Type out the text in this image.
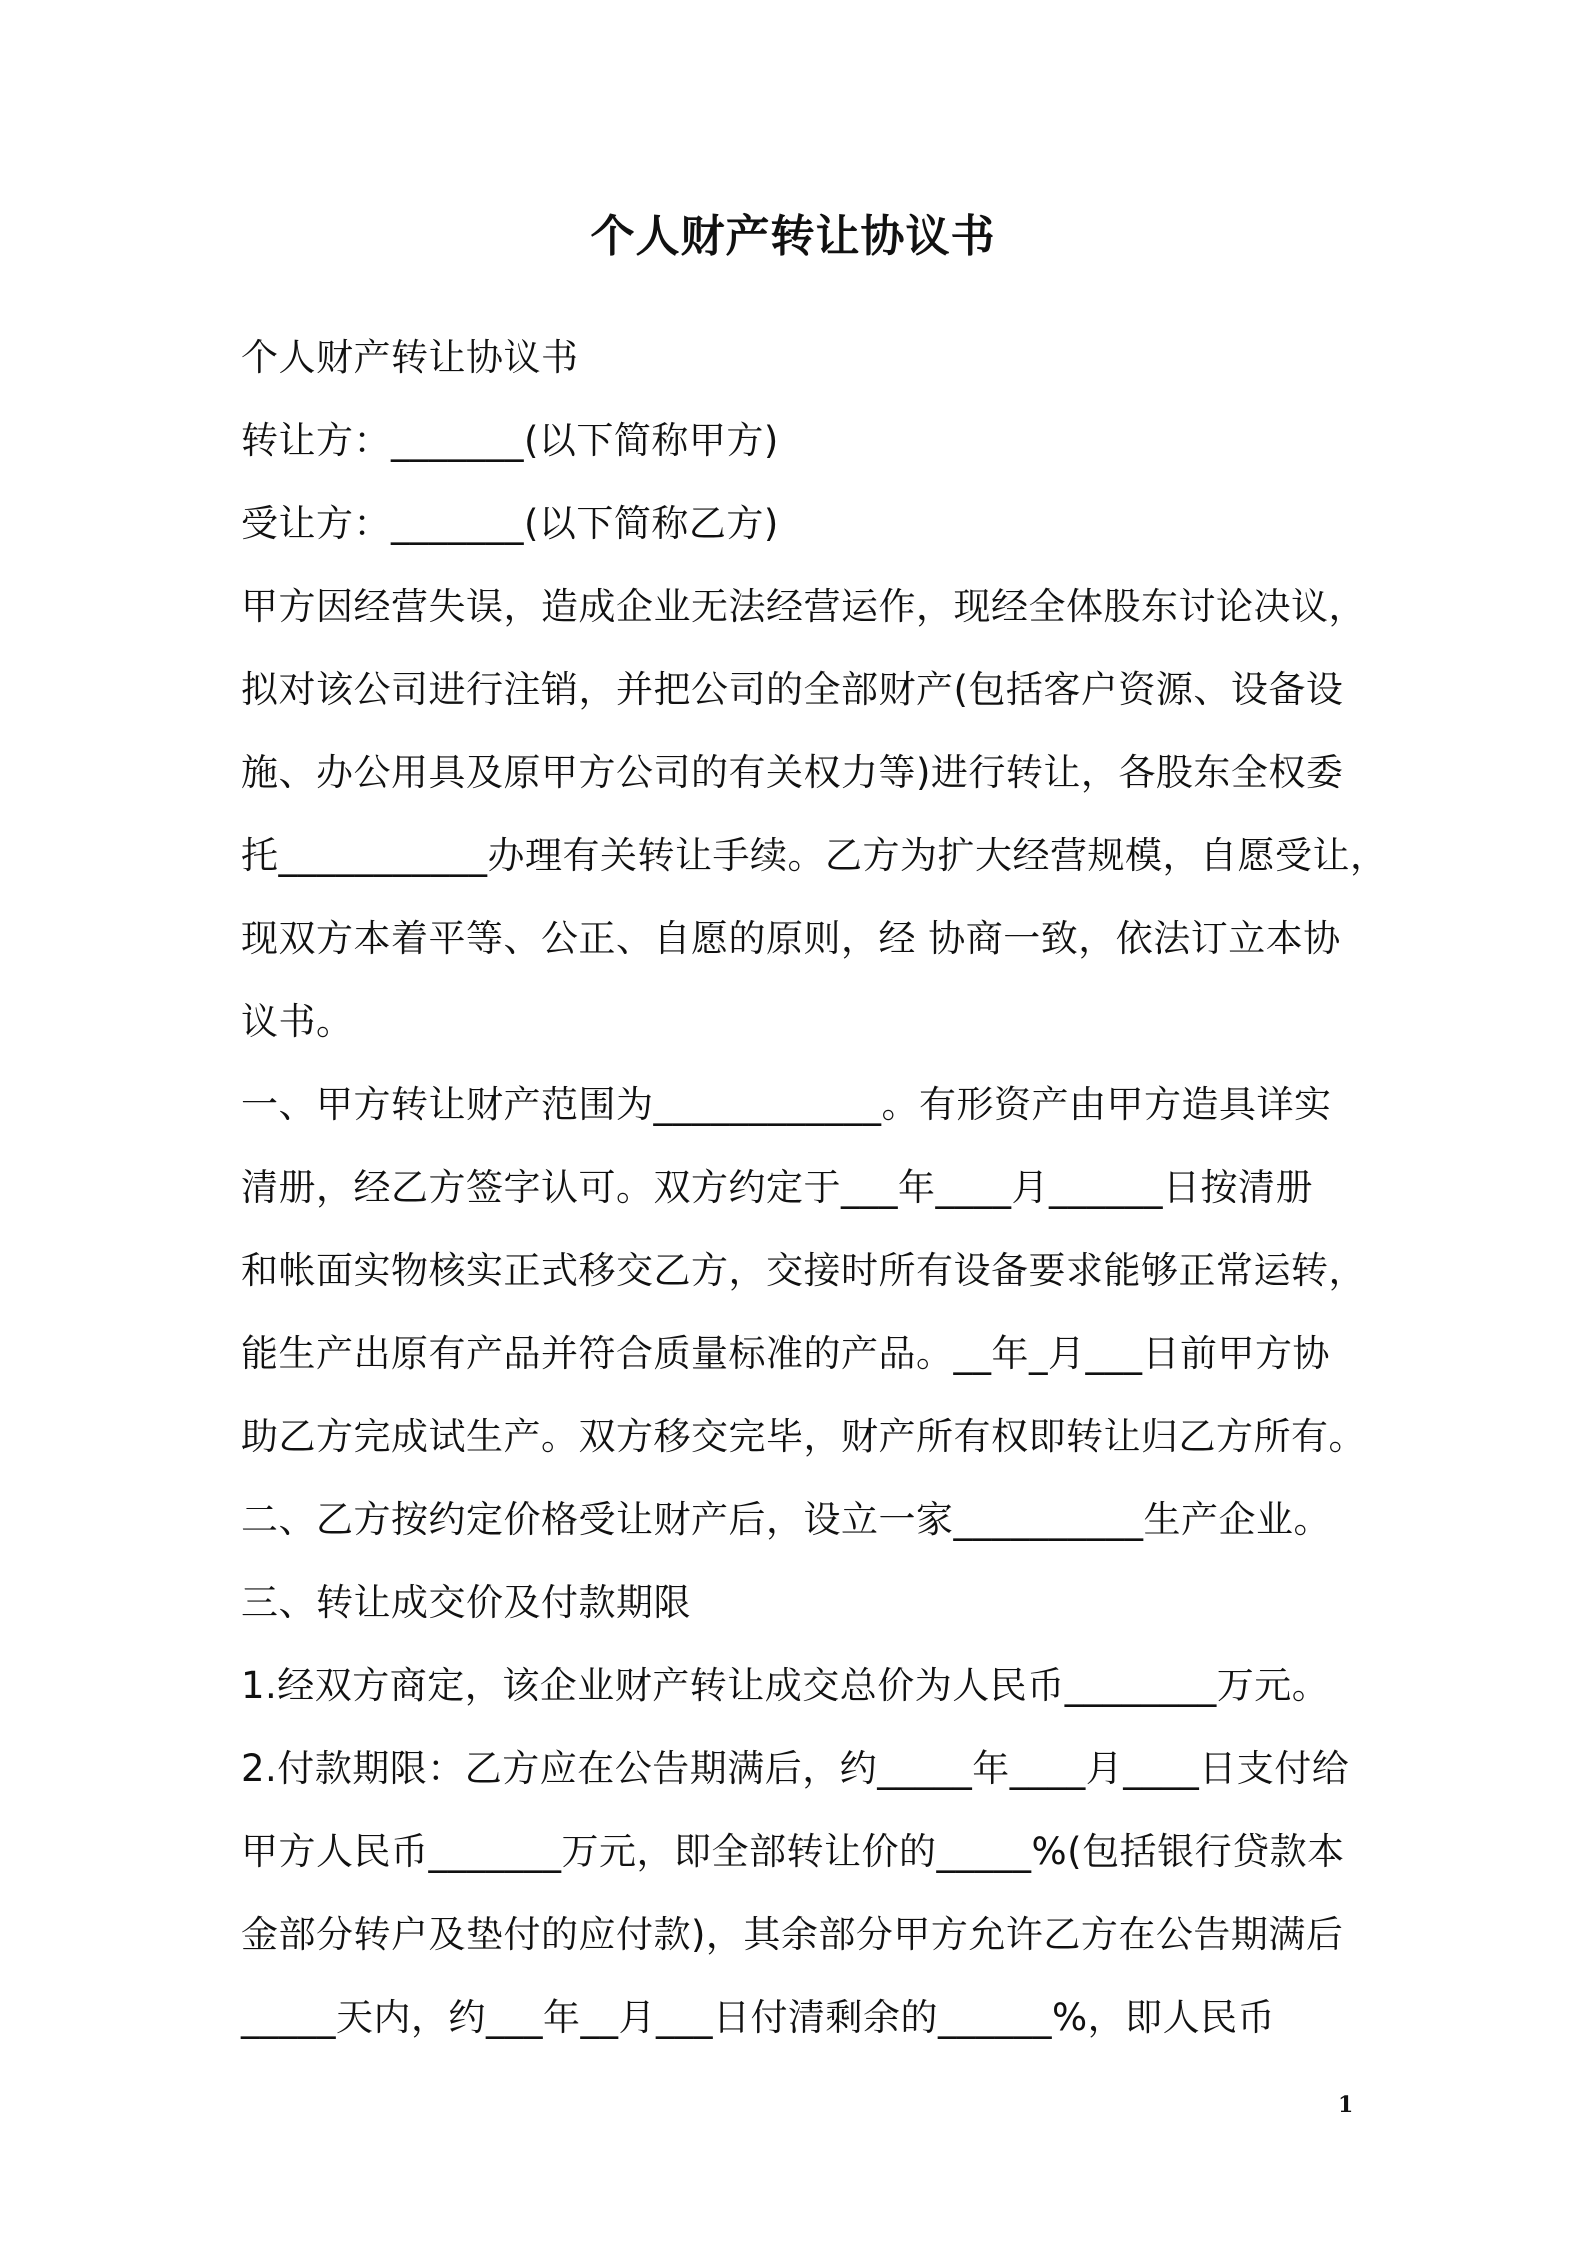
个人财产转让协议书
个人财产转让协议书
转让方：_______(以下简称甲方)
受让方：_______(以下简称乙方)
甲方因经营失误，造成企业无法经营运作，现经全体股东讨论决议，
拟对该公司进行注销，并把公司的全部财产(包括客户资源、设备设
施、办公用具及原甲方公司的有关权力等)进行转让，各股东全权委
托___________办理有关转让手续。乙方为扩大经营规模，自愿受让，
现双方本着平等、公正、自愿的原则，经 协商一致，依法订立本协
议书。
一、甲方转让财产范围为____________。有形资产由甲方造具详实
清册，经乙方签字认可。双方约定于___年____月______日按清册
和帐面实物核实正式移交乙方，交接时所有设备要求能够正常运转，
能生产出原有产品并符合质量标准的产品。__年_月___日前甲方协
助乙方完成试生产。双方移交完毕，财产所有权即转让归乙方所有。
二、乙方按约定价格受让财产后，设立一家__________生产企业。
三、转让成交价及付款期限
1.经双方商定，该企业财产转让成交总价为人民币________万元。
2.付款期限：乙方应在公告期满后，约_____年____月____日支付给
甲方人民币_______万元，即全部转让价的_____%(包括银行贷款本
金部分转户及垫付的应付款)，其余部分甲方允许乙方在公告期满后
_____天内，约___年__月___日付清剩余的______%，即人民币
1
